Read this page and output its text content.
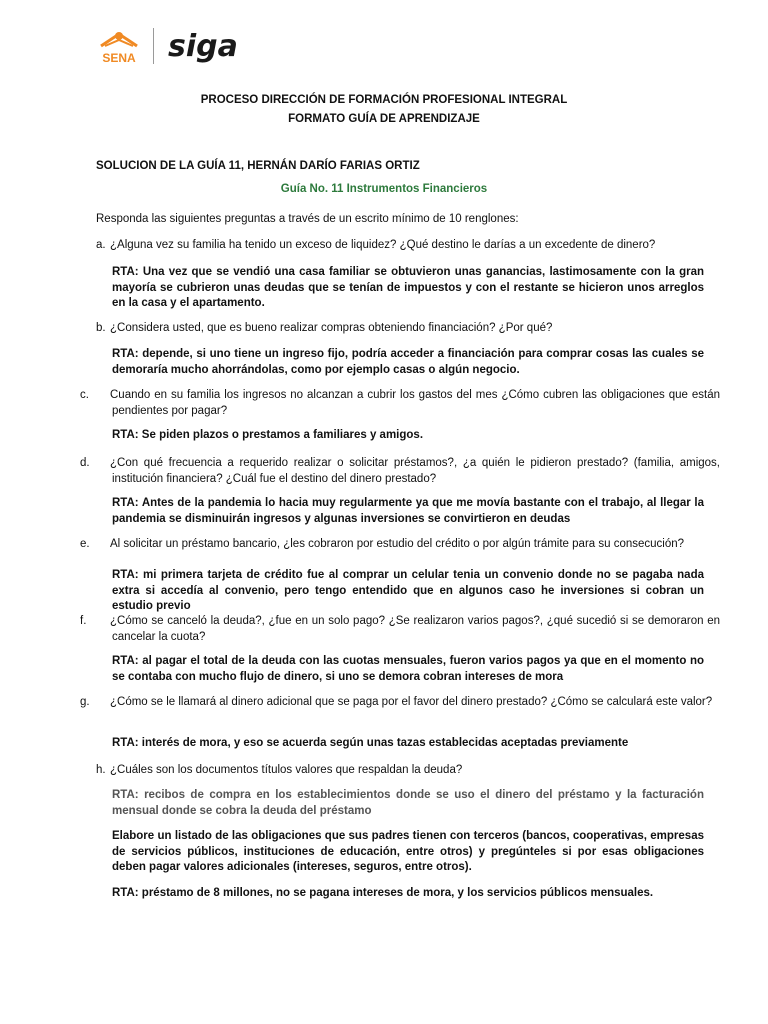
SENA siga
PROCESO DIRECCIÓN DE FORMACIÓN PROFESIONAL INTEGRAL
FORMATO GUÍA DE APRENDIZAJE
SOLUCION DE LA GUÍA 11, HERNÁN DARÍO FARIAS ORTIZ
Guía No. 11 Instrumentos Financieros
Responda las siguientes preguntas a través de un escrito mínimo de 10 renglones:
a. ¿Alguna vez su familia ha tenido un exceso de liquidez? ¿Qué destino le darías a un excedente de dinero?
RTA: Una vez que se vendió una casa familiar se obtuvieron unas ganancias, lastimosamente con la gran mayoría se cubrieron unas deudas que se tenían de impuestos y con el restante se hicieron unos arreglos en la casa y el apartamento.
b. ¿Considera usted, que es bueno realizar compras obteniendo financiación? ¿Por qué?
RTA: depende, si uno tiene un ingreso fijo, podría acceder a financiación para comprar cosas las cuales se demoraría mucho ahorrándolas, como por ejemplo casas o algún negocio.
c. Cuando en su familia los ingresos no alcanzan a cubrir los gastos del mes ¿Cómo cubren las obligaciones que están pendientes por pagar?
RTA: Se piden plazos o prestamos a familiares y amigos.
d. ¿Con qué frecuencia a requerido realizar o solicitar préstamos?, ¿a quién le pidieron prestado? (familia, amigos, institución financiera? ¿Cuál fue el destino del dinero prestado?
RTA: Antes de la pandemia lo hacia muy regularmente ya que me movía bastante con el trabajo, al llegar la pandemia se disminuirán ingresos y algunas inversiones se convirtieron en deudas
e. Al solicitar un préstamo bancario, ¿les cobraron por estudio del crédito o por algún trámite para su consecución?
RTA: mi primera tarjeta de crédito fue al comprar un celular tenia un convenio donde no se pagaba nada extra si accedía al convenio, pero tengo entendido que en algunos caso he inversiones si cobran un estudio previo
f. ¿Cómo se canceló la deuda?, ¿fue en un solo pago? ¿Se realizaron varios pagos?, ¿qué sucedió si se demoraron en cancelar la cuota?
RTA: al pagar el total de la deuda con las cuotas mensuales, fueron varios pagos ya que en el momento no se contaba con mucho flujo de dinero, si uno se demora cobran intereses de mora
g. ¿Cómo se le llamará al dinero adicional que se paga por el favor del dinero prestado? ¿Cómo se calculará este valor?
RTA: interés de mora, y eso se acuerda según unas tazas establecidas aceptadas previamente
h. ¿Cuáles son los documentos títulos valores que respaldan la deuda?
RTA: recibos de compra en los establecimientos donde se uso el dinero del préstamo y la facturación mensual donde se cobra la deuda del préstamo
Elabore un listado de las obligaciones que sus padres tienen con terceros (bancos, cooperativas, empresas de servicios públicos, instituciones de educación, entre otros) y pregúnteles si por esas obligaciones deben pagar valores adicionales (intereses, seguros, entre otros).
RTA: préstamo de 8 millones, no se pagana intereses de mora, y los servicios públicos mensuales.
